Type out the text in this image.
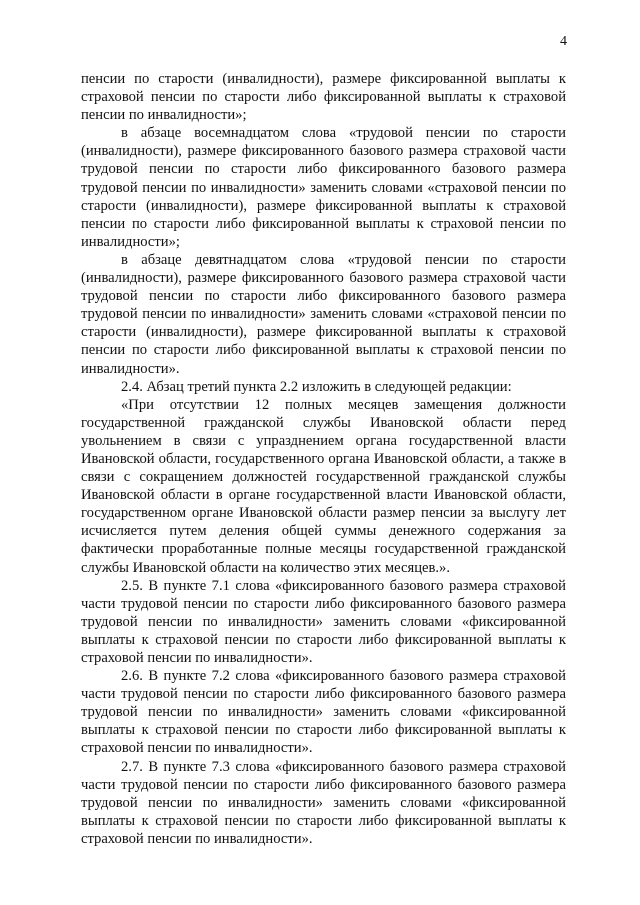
4

пенсии по старости (инвалидности), размере фиксированной выплаты к страховой пенсии по старости либо фиксированной выплаты к страховой пенсии по инвалидности»;

в абзаце восемнадцатом слова «трудовой пенсии по старости (инвалидности), размере фиксированного базового размера страховой части трудовой пенсии по старости либо фиксированного базового размера трудовой пенсии по инвалидности» заменить словами «страховой пенсии по старости (инвалидности), размере фиксированной выплаты к страховой пенсии по старости либо фиксированной выплаты к страховой пенсии по инвалидности»;

в абзаце девятнадцатом слова «трудовой пенсии по старости (инвалидности), размере фиксированного базового размера страховой части трудовой пенсии по старости либо фиксированного базового размера трудовой пенсии по инвалидности» заменить словами «страховой пенсии по старости (инвалидности), размере фиксированной выплаты к страховой пенсии по старости либо фиксированной выплаты к страховой пенсии по инвалидности».

2.4. Абзац третий пункта 2.2 изложить в следующей редакции:

«При отсутствии 12 полных месяцев замещения должности государственной гражданской службы Ивановской области перед увольнением в связи с упразднением органа государственной власти Ивановской области, государственного органа Ивановской области, а также в связи с сокращением должностей государственной гражданской службы Ивановской области в органе государственной власти Ивановской области, государственном органе Ивановской области размер пенсии за выслугу лет исчисляется путем деления общей суммы денежного содержания за фактически проработанные полные месяцы государственной гражданской службы Ивановской области на количество этих месяцев.».

2.5. В пункте 7.1 слова «фиксированного базового размера страховой части трудовой пенсии по старости либо фиксированного базового размера трудовой пенсии по инвалидности» заменить словами «фиксированной выплаты к страховой пенсии по старости либо фиксированной выплаты к страховой пенсии по инвалидности».

2.6. В пункте 7.2 слова «фиксированного базового размера страховой части трудовой пенсии по старости либо фиксированного базового размера трудовой пенсии по инвалидности» заменить словами «фиксированной выплаты к страховой пенсии по старости либо фиксированной выплаты к страховой пенсии по инвалидности».

2.7. В пункте 7.3 слова «фиксированного базового размера страховой части трудовой пенсии по старости либо фиксированного базового размера трудовой пенсии по инвалидности» заменить словами «фиксированной выплаты к страховой пенсии по старости либо фиксированной выплаты к страховой пенсии по инвалидности».
